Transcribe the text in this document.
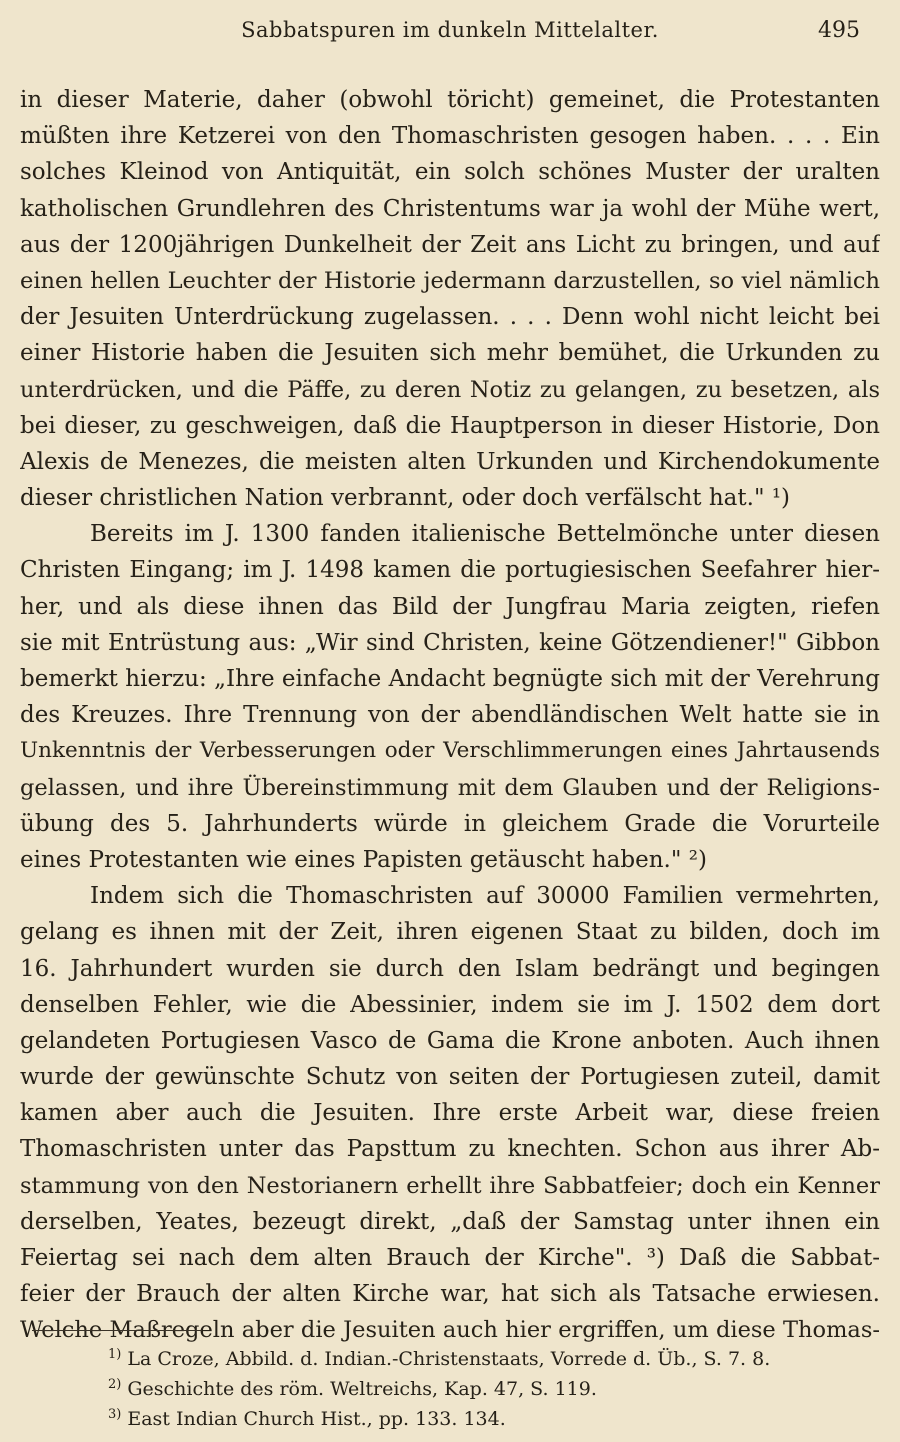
Sabbatspuren im dunkeln Mittelalter.	495
in dieser Materie, daher (obwohl töricht) gemeinet, die Protestanten
müßten ihre Ketzerei von den Thomaschristen gesogen haben. . . . Ein
solches Kleinod von Antiquität, ein solch schönes Muster der uralten
katholischen Grundlehren des Christentums war ja wohl der Mühe wert,
aus der 1200jährigen Dunkelheit der Zeit ans Licht zu bringen, und auf
einen hellen Leuchter der Historie jedermann darzustellen, so viel nämlich
der Jesuiten Unterdrückung zugelassen. . . . Denn wohl nicht leicht bei
einer Historie haben die Jesuiten sich mehr bemühet, die Urkunden zu
unterdrücken, und die Päffe, zu deren Notiz zu gelangen, zu besetzen, als
bei dieser, zu geschweigen, daß die Hauptperson in dieser Historie, Don
Alexis de Menezes, die meisten alten Urkunden und Kirchendokumente
dieser christlichen Nation verbrannt, oder doch verfälscht hat." ¹)
Bereits im J. 1300 fanden italienische Bettelmönche unter diesen
Christen Eingang; im J. 1498 kamen die portugiesischen Seefahrer hier-
her, und als diese ihnen das Bild der Jungfrau Maria zeigten, riefen
sie mit Entrüstung aus: „Wir sind Christen, keine Götzendiener!" Gibbon
bemerkt hierzu: „Ihre einfache Andacht begnügte sich mit der Verehrung
des Kreuzes. Ihre Trennung von der abendländischen Welt hatte sie in
Unkenntnis der Verbesserungen oder Verschlimmerungen eines Jahrtausends
gelassen, und ihre Übereinstimmung mit dem Glauben und der Religions-
übung des 5. Jahrhunderts würde in gleichem Grade die Vorurteile
eines Protestanten wie eines Papisten getäuscht haben." ²)
Indem sich die Thomaschristen auf 30000 Familien vermehrten,
gelang es ihnen mit der Zeit, ihren eigenen Staat zu bilden, doch im
16. Jahrhundert wurden sie durch den Islam bedrängt und begingen
denselben Fehler, wie die Abessinier, indem sie im J. 1502 dem dort
gelandeten Portugiesen Vasco de Gama die Krone anboten. Auch ihnen
wurde der gewünschte Schutz von seiten der Portugiesen zuteil, damit
kamen aber auch die Jesuiten. Ihre erste Arbeit war, diese freien
Thomaschristen unter das Papsttum zu knechten. Schon aus ihrer Ab-
stammung von den Nestorianern erhellt ihre Sabbatfeier; doch ein Kenner
derselben, Yeates, bezeugt direkt, „daß der Samstag unter ihnen ein
Feiertag sei nach dem alten Brauch der Kirche". ³) Daß die Sabbat-
feier der Brauch der alten Kirche war, hat sich als Tatsache erwiesen.
Welche Maßregeln aber die Jesuiten auch hier ergriffen, um diese Thomas-
$^{1)}$ La Croze, Abbild. d. Indian.-Christenstaats, Vorrede d. Üb., S. 7. 8.
$^{2)}$ Geschichte des röm. Weltreichs, Kap. 47, S. 119.
$^{3)}$ East Indian Church Hist., pp. 133. 134.
